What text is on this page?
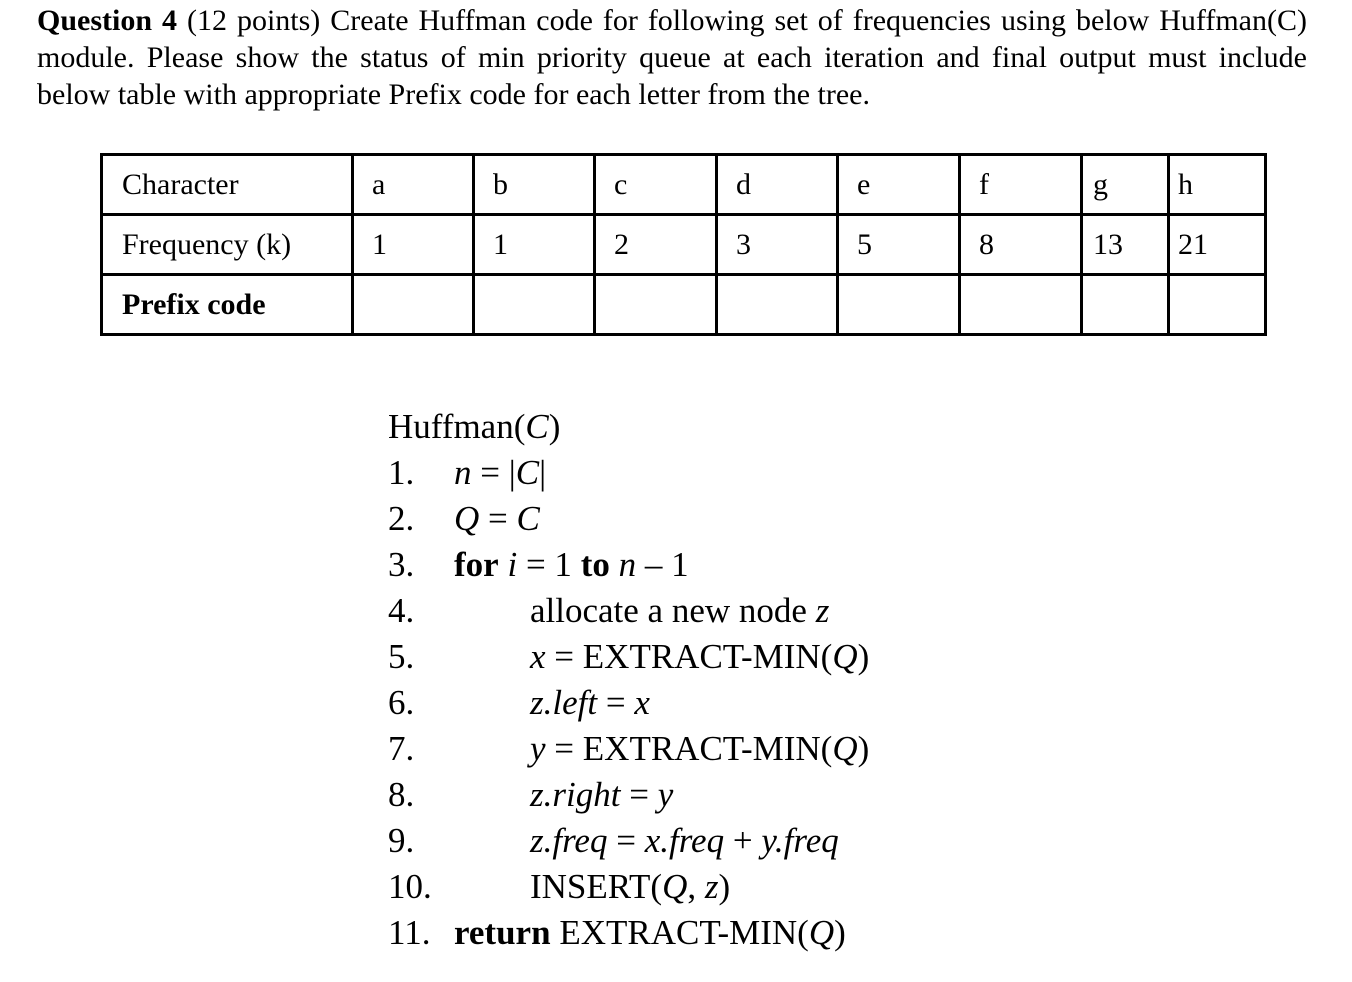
Question 4 (12 points) Create Huffman code for following set of frequencies using below Huffman(C) module. Please show the status of min priority queue at each iteration and final output must include below table with appropriate Prefix code for each letter from the tree.
Character	a	b	c	d	e	f	g	h
Frequency (k)	1	1	2	3	5	8	13	21
Prefix code								
Huffman(C)
1. n = |C|
2. Q = C
3. for i = 1 to n – 1
4.	allocate a new node z
5.	x = EXTRACT-MIN(Q)
6.	z.left = x
7.	y = EXTRACT-MIN(Q)
8.	z.right = y
9.	z.freq = x.freq + y.freq
10.	INSERT(Q, z)
11. return EXTRACT-MIN(Q)
